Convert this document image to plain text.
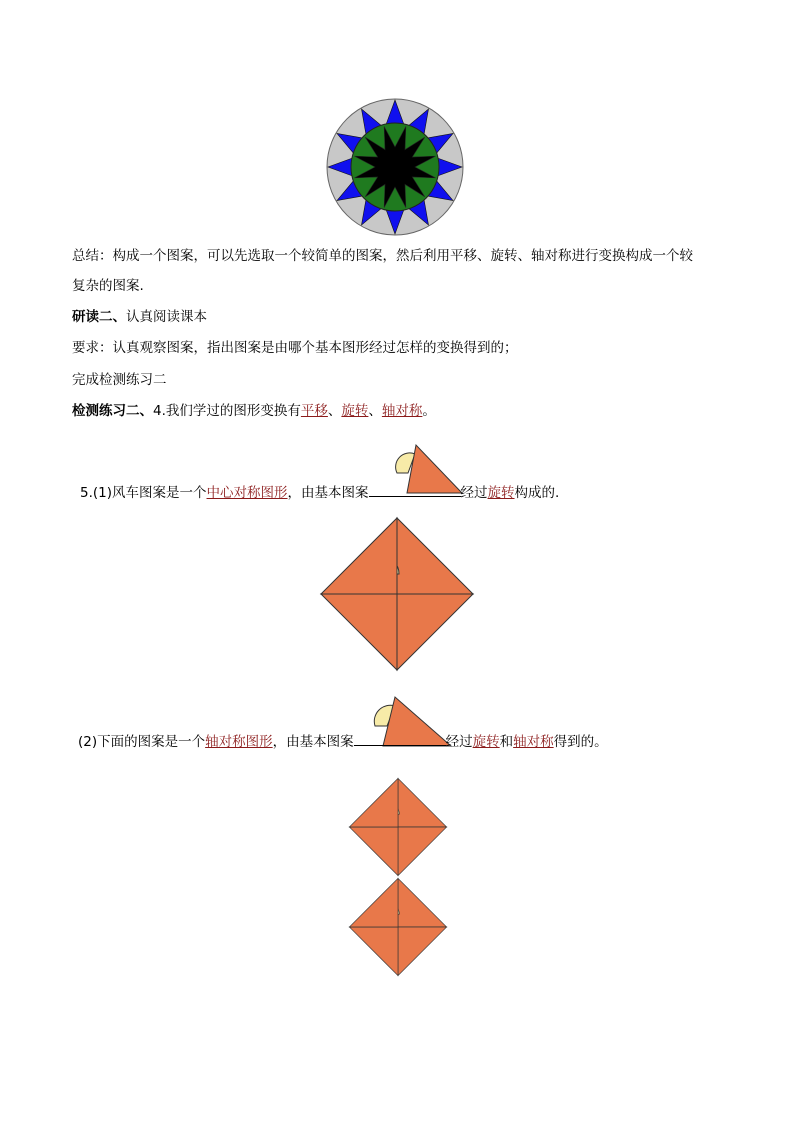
总结：构成一个图案，可以先选取一个较简单的图案，然后利用平移、旋转、轴对称进行变换构成一个较
复杂的图案.
研读二、认真阅读课本
要求：认真观察图案，指出图案是由哪个基本图形经过怎样的变换得到的；
完成检测练习二
检测练习二、4.我们学过的图形变换有平移、旋转、轴对称。
5.(1)风车图案是一个中心对称图形，由基本图案	经过旋转构成的.
(2)下面的图案是一个轴对称图形，由基本图案	经过旋转和轴对称得到的。
